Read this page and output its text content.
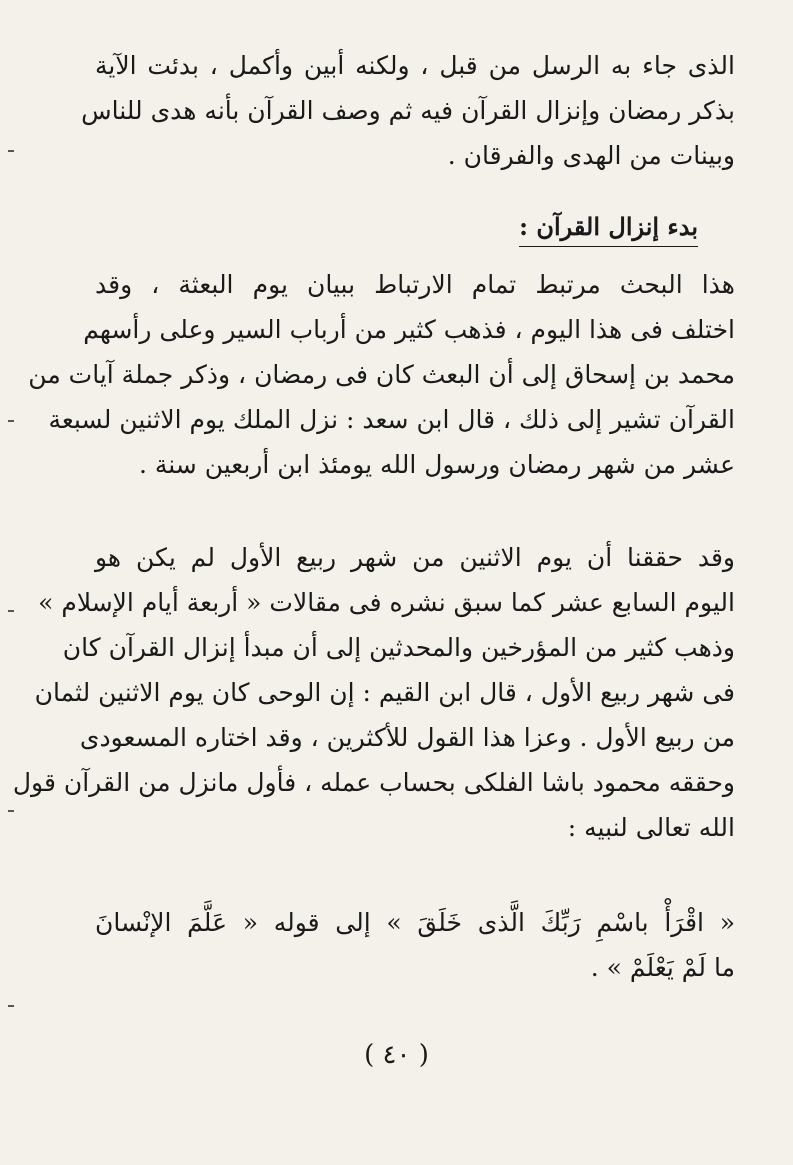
الذى جاء به الرسل من قبل ، ولكنه أبين وأكمل ، بدئت الآية
بذكر رمضان وإنزال القرآن فيه ثم وصف القرآن بأنه هدى للناس
وبينات من الهدى والفرقان .
بدء إنزال القرآن :
هذا البحث مرتبط تمام الارتباط ببيان يوم البعثة ، وقد
اختلف فى هذا اليوم ، فذهب كثير من أرباب السير وعلى رأسهم
محمد بن إسحاق إلى أن البعث كان فى رمضان ، وذكر جملة آيات من
القرآن تشير إلى ذلك ، قال ابن سعد : نزل الملك يوم الاثنين لسبعة
عشر من شهر رمضان ورسول الله يومئذ ابن أربعين سنة .
وقد حققنا أن يوم الاثنين من شهر ربيع الأول لم يكن هو
اليوم السابع عشر كما سبق نشره فى مقالات « أربعة أيام الإسلام »
وذهب كثير من المؤرخين والمحدثين إلى أن مبدأ إنزال القرآن كان
فى شهر ربيع الأول ، قال ابن القيم : إن الوحى كان يوم الاثنين لثمان
من ربيع الأول . وعزا هذا القول للأكثرين ، وقد اختاره المسعودى
وحققه محمود باشا الفلكى بحساب عمله ، فأول مانزل من القرآن قول
الله تعالى لنبيه :
« اقْرَأْ باسْمِ رَبِّكَ الَّذى خَلَقَ » إلى قوله « عَلَّمَ الإنْسانَ
ما لَمْ يَعْلَمْ » .
( ٤٠ )
